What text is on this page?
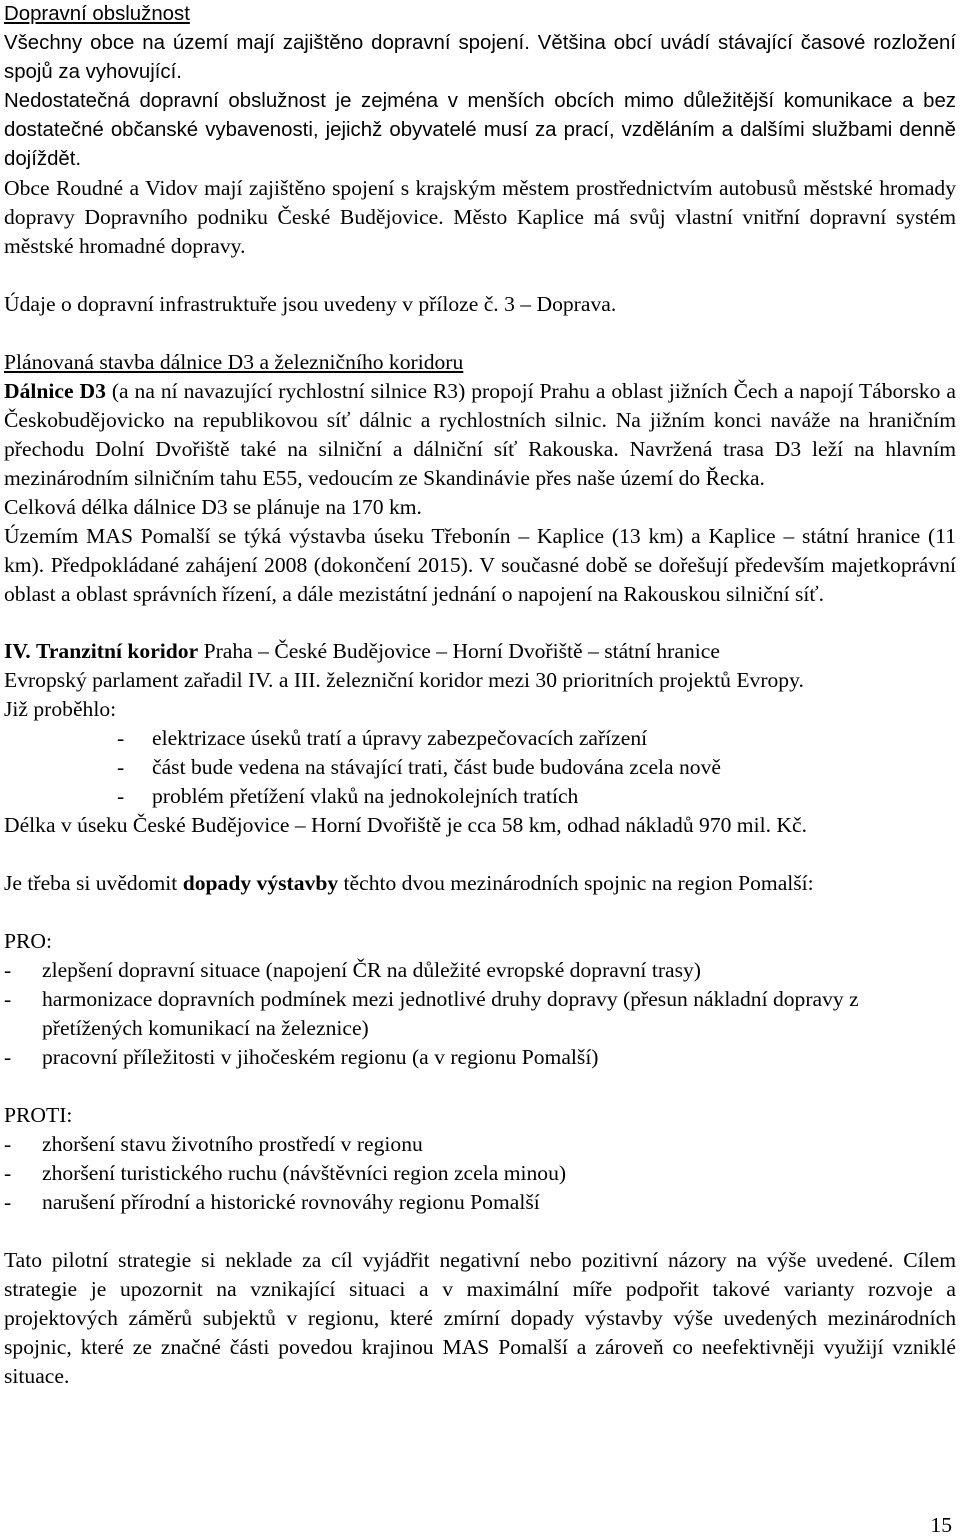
Dopravní obslužnost

Všechny obce na území mají zajištěno dopravní spojení. Většina obcí uvádí stávající časové rozložení spojů za vyhovující.

Nedostatečná dopravní obslužnost je zejména v menších obcích mimo důležitější komunikace a bez dostatečné občanské vybavenosti, jejichž obyvatelé musí za prací, vzděláním a dalšími službami denně dojíždět.

Obce Roudné a Vidov mají zajištěno spojení s krajským městem prostřednictvím autobusů městské hromady dopravy Dopravního podniku České Budějovice. Město Kaplice má svůj vlastní vnitřní dopravní systém městské hromadné dopravy.

Údaje o dopravní infrastruktuře jsou uvedeny v příloze č. 3 – Doprava.

Plánovaná stavba dálnice D3 a železničního koridoru

Dálnice D3 (a na ní navazující rychlostní silnice R3) propojí Prahu a oblast jižních Čech a napojí Táborsko a Českobudějovicko na republikovou síť dálnic a rychlostních silnic. Na jižním konci naváže na hraničním přechodu Dolní Dvořiště také na silniční a dálniční síť Rakouska. Navržená trasa D3 leží na hlavním mezinárodním silničním tahu E55, vedoucím ze Skandinávie přes naše území do Řecka.

Celková délka dálnice D3 se plánuje na 170 km.

Územím MAS Pomalší se týká výstavba úseku Třebonín – Kaplice (13 km) a Kaplice – státní hranice (11 km). Předpokládané zahájení 2008 (dokončení 2015). V současné době se dořešují především majetkoprávní oblast a oblast správních řízení, a dále mezistátní jednání o napojení na Rakouskou silniční síť.

IV. Tranzitní koridor Praha – České Budějovice – Horní Dvořiště – státní hranice

Evropský parlament zařadil IV. a III. železniční koridor mezi 30 prioritních projektů Evropy.

Již proběhlo:

- elektrizace úseků tratí a úpravy zabezpečovacích zařízení
- část bude vedena na stávající trati, část bude budována zcela nově
- problém přetížení vlaků na jednokolejních tratích

Délka v úseku České Budějovice – Horní Dvořiště je cca 58 km, odhad nákladů 970 mil. Kč.

Je třeba si uvědomit dopady výstavby těchto dvou mezinárodních spojnic na region Pomalší:

PRO:

- zlepšení dopravní situace (napojení ČR na důležité evropské dopravní trasy)
- harmonizace dopravních podmínek mezi jednotlivé druhy dopravy (přesun nákladní dopravy z přetížených komunikací na železnice)
- pracovní příležitosti v jihočeském regionu (a v regionu Pomalší)

PROTI:

- zhoršení stavu životního prostředí v regionu
- zhoršení turistického ruchu (návštěvníci region zcela minou)
- narušení přírodní a historické rovnováhy regionu Pomalší

Tato pilotní strategie si neklade za cíl vyjádřit negativní nebo pozitivní názory na výše uvedené. Cílem strategie je upozornit na vznikající situaci a v maximální míře podpořit takové varianty rozvoje a projektových záměrů subjektů v regionu, které zmírní dopady výstavby výše uvedených mezinárodních spojnic, které ze značné části povedou krajinou MAS Pomalší a zároveň co neefektivněji využijí vzniklé situace.

15
